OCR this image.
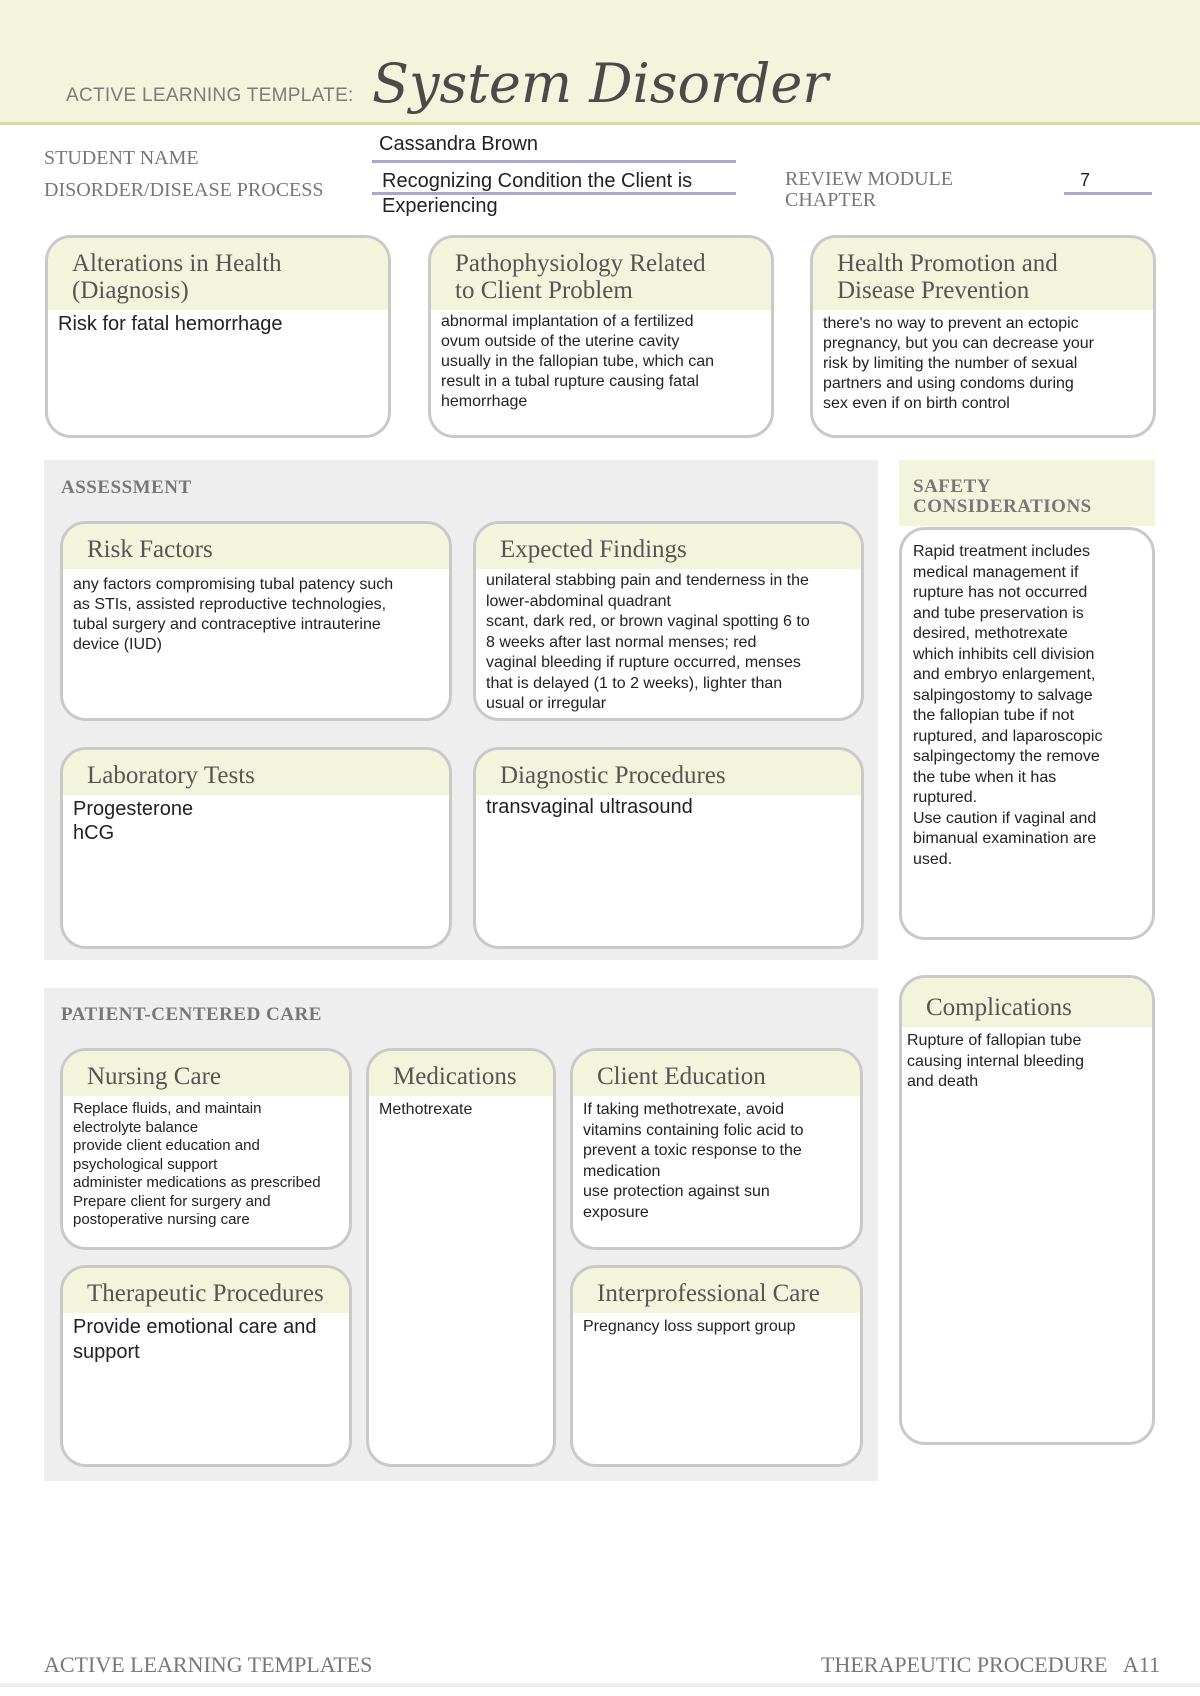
ACTIVE LEARNING TEMPLATE: System Disorder
STUDENT NAME
Cassandra Brown
DISORDER/DISEASE PROCESS	Recognizing Condition the Client is
Experiencing
REVIEW MODULE
CHAPTER
7
Alterations in Health
(Diagnosis)
Risk for fatal hemorrhage
Pathophysiology Related
to Client Problem
abnormal implantation of a fertilized
ovum outside of the uterine cavity
usually in the fallopian tube, which can
result in a tubal rupture causing fatal
hemorrhage
Health Promotion and
Disease Prevention
there's no way to prevent an ectopic
pregnancy, but you can decrease your
risk by limiting the number of sexual
partners and using condoms during
sex even if on birth control
ASSESSMENT
Risk Factors
any factors compromising tubal patency such
as STIs, assisted reproductive technologies,
tubal surgery and contraceptive intrauterine
device (IUD)
Expected Findings
unilateral stabbing pain and tenderness in the
lower-abdominal quadrant
scant, dark red, or brown vaginal spotting 6 to
8 weeks after last normal menses; red
vaginal bleeding if rupture occurred, menses
that is delayed (1 to 2 weeks), lighter than
usual or irregular
Laboratory Tests
Progesterone
hCG
Diagnostic Procedures
transvaginal ultrasound
SAFETY
CONSIDERATIONS
Rapid treatment includes
medical management if
rupture has not occurred
and tube preservation is
desired, methotrexate
which inhibits cell division
and embryo enlargement,
salpingostomy to salvage
the fallopian tube if not
ruptured, and laparoscopic
salpingectomy the remove
the tube when it has
ruptured.
Use caution if vaginal and
bimanual examination are
used.
PATIENT-CENTERED CARE
Nursing Care
Replace fluids, and maintain
electrolyte balance
provide client education and
psychological support
administer medications as prescribed
Prepare client for surgery and
postoperative nursing care
Medications
Methotrexate
Client Education
If taking methotrexate, avoid
vitamins containing folic acid to
prevent a toxic response to the
medication
use protection against sun
exposure
Therapeutic Procedures
Provide emotional care and
support
Interprofessional Care
Pregnancy loss support group
Complications
Rupture of fallopian tube
causing internal bleeding
and death
ACTIVE LEARNING TEMPLATES	THERAPEUTIC PROCEDURE   A11
